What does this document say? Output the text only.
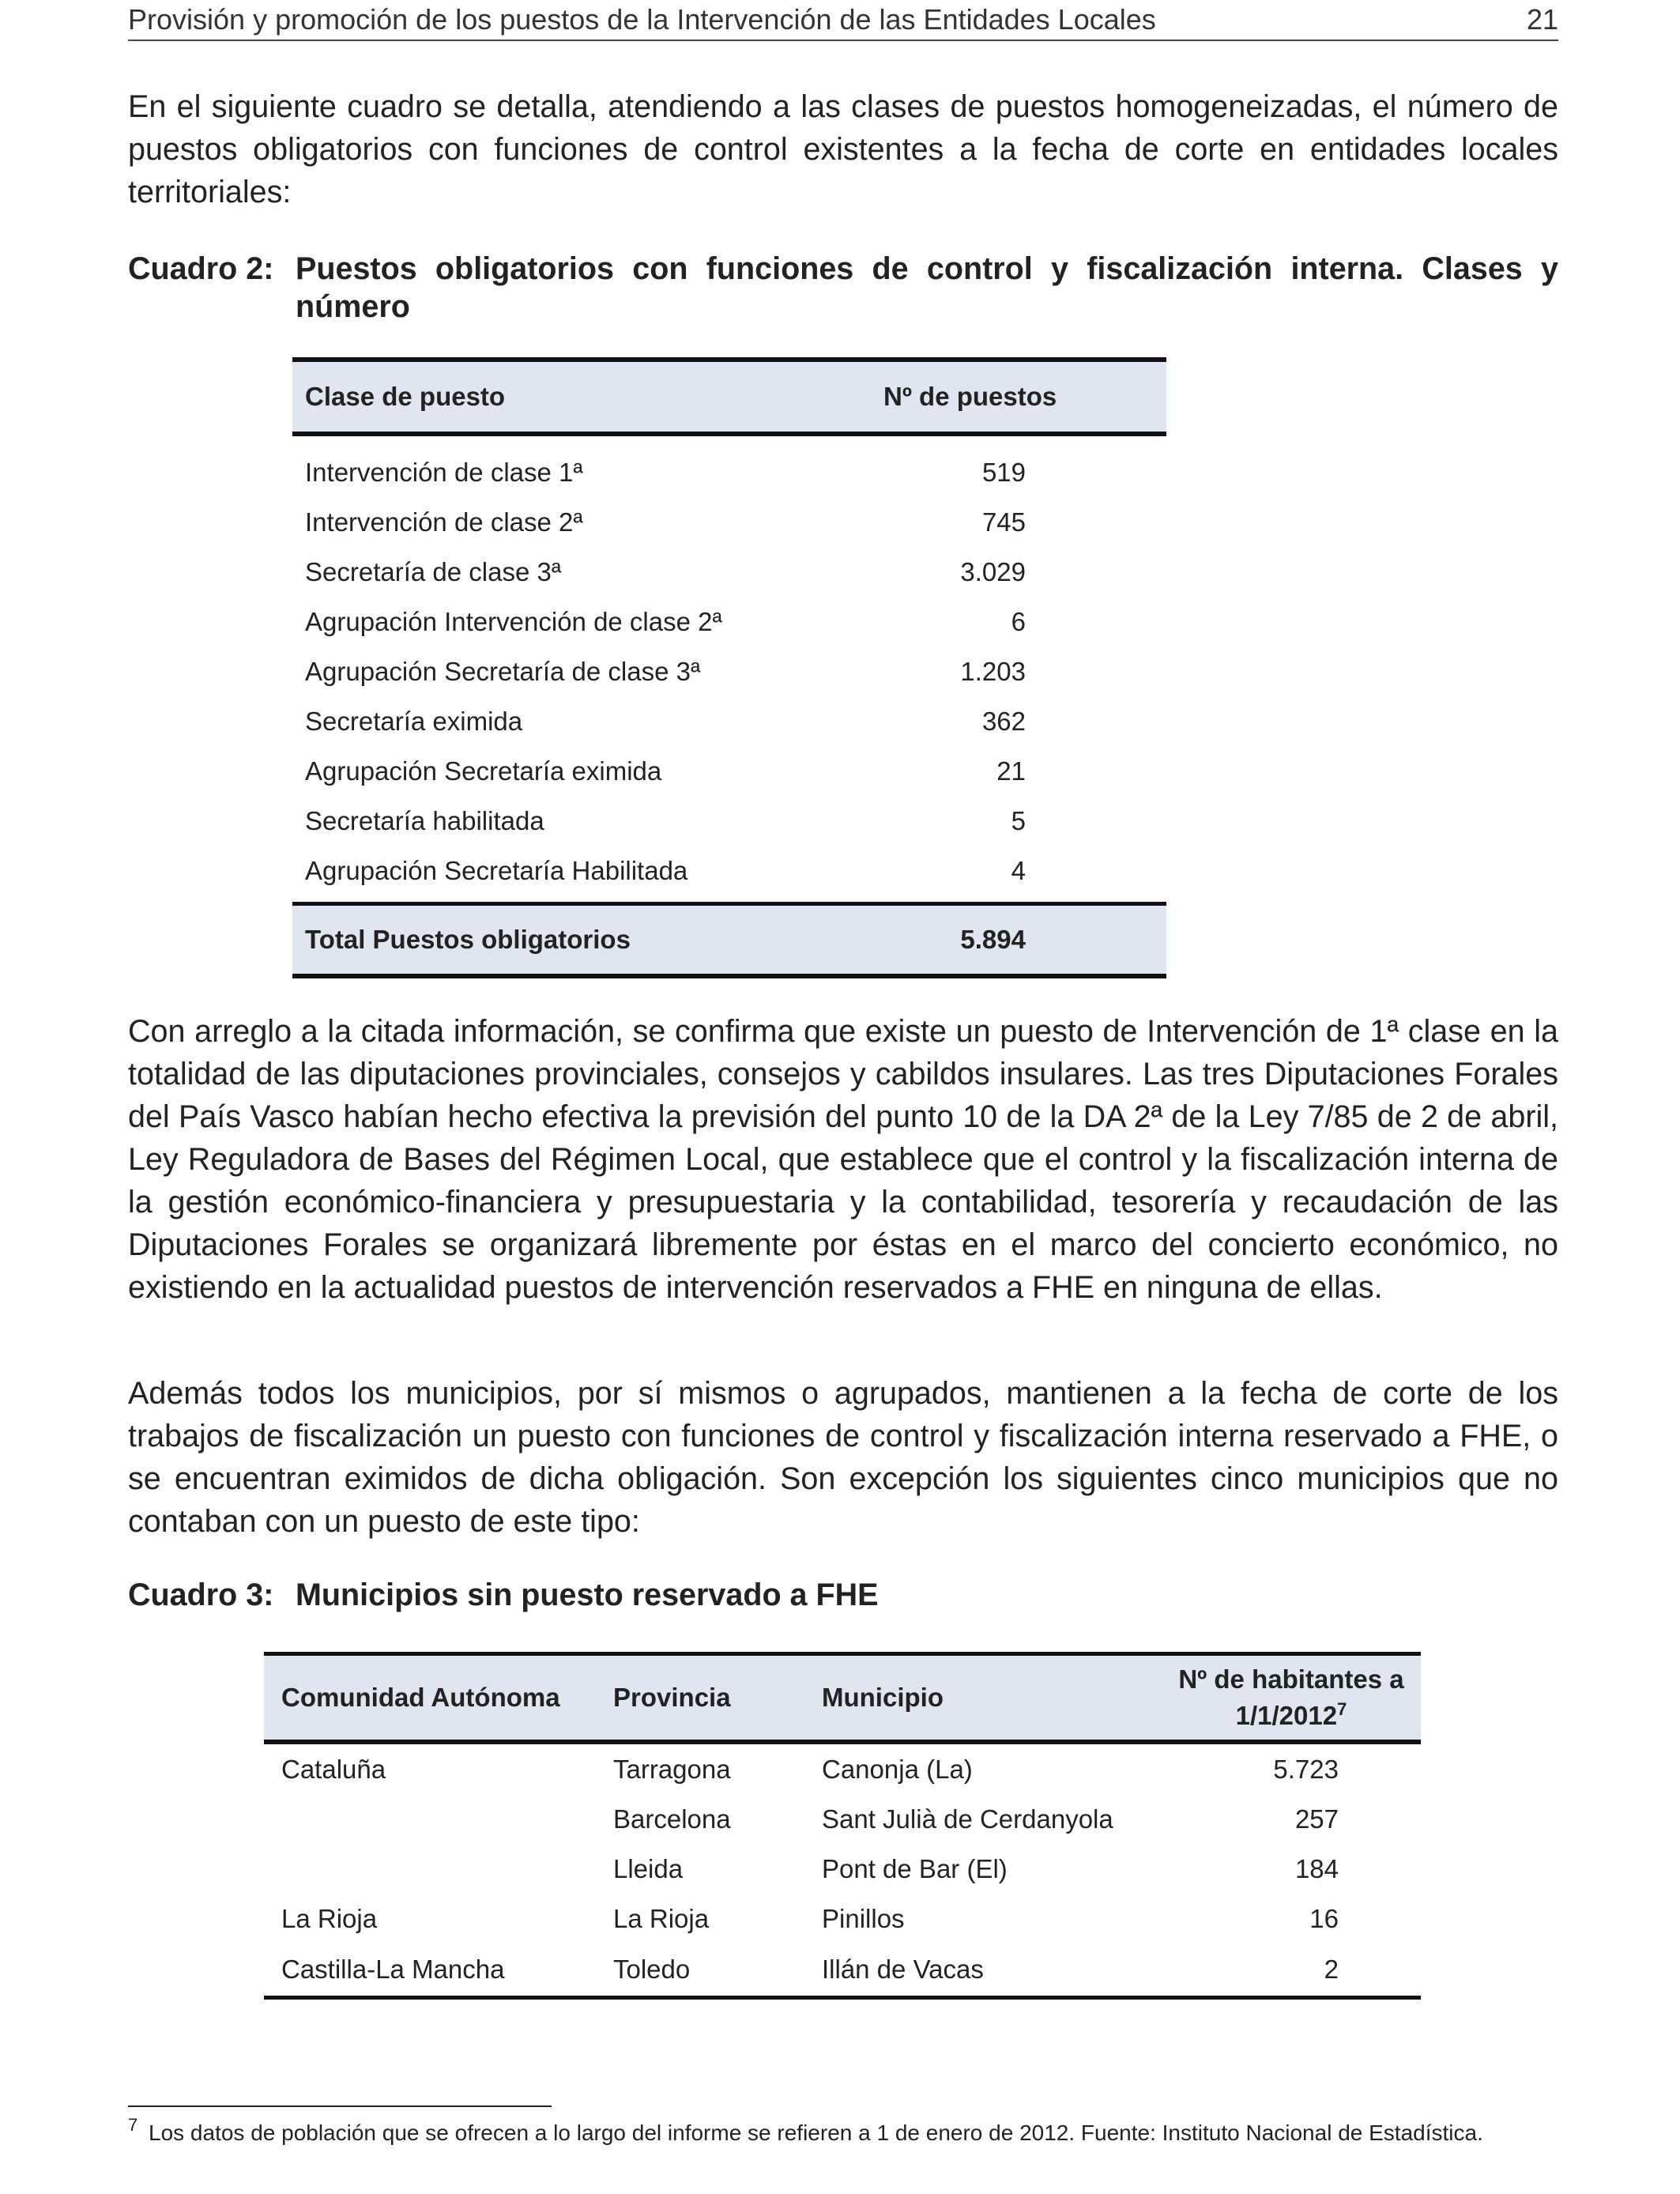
Provisión y promoción de los puestos de la Intervención de las Entidades Locales	21

En el siguiente cuadro se detalla, atendiendo a las clases de puestos homogeneizadas, el número de puestos obligatorios con funciones de control existentes a la fecha de corte en entidades locales territoriales:

Cuadro 2: Puestos obligatorios con funciones de control y fiscalización interna. Clases y número
Clase de puesto	Nº de puestos
Intervención de clase 1ª	519
Intervención de clase 2ª	745
Secretaría de clase 3ª	3.029
Agrupación Intervención de clase 2ª	6
Agrupación Secretaría de clase 3ª	1.203
Secretaría eximida	362
Agrupación Secretaría eximida	21
Secretaría habilitada	5
Agrupación Secretaría Habilitada	4
Total Puestos obligatorios	5.894

Con arreglo a la citada información, se confirma que existe un puesto de Intervención de 1ª clase en la totalidad de las diputaciones provinciales, consejos y cabildos insulares. Las tres Diputaciones Forales del País Vasco habían hecho efectiva la previsión del punto 10 de la DA 2ª de la Ley 7/85 de 2 de abril, Ley Reguladora de Bases del Régimen Local, que establece que el control y la fiscalización interna de la gestión económico-financiera y presupuestaria y la contabilidad, tesorería y recaudación de las Diputaciones Forales se organizará libremente por éstas en el marco del concierto económico, no existiendo en la actualidad puestos de intervención reservados a FHE en ninguna de ellas.

Además todos los municipios, por sí mismos o agrupados, mantienen a la fecha de corte de los trabajos de fiscalización un puesto con funciones de control y fiscalización interna reservado a FHE, o se encuentran eximidos de dicha obligación. Son excepción los siguientes cinco municipios que no contaban con un puesto de este tipo:

Cuadro 3: Municipios sin puesto reservado a FHE
Comunidad Autónoma	Provincia	Municipio	Nº de habitantes a
1/1/2012$^7$
Cataluña	Tarragona	Canonja (La)	5.723
	Barcelona	Sant Julià de Cerdanyola	257
	Lleida	Pont de Bar (El)	184
La Rioja	La Rioja	Pinillos	16
Castilla-La Mancha	Toledo	Illán de Vacas	2
7 Los datos de población que se ofrecen a lo largo del informe se refieren a 1 de enero de 2012. Fuente: Instituto Nacional de Estadística.
